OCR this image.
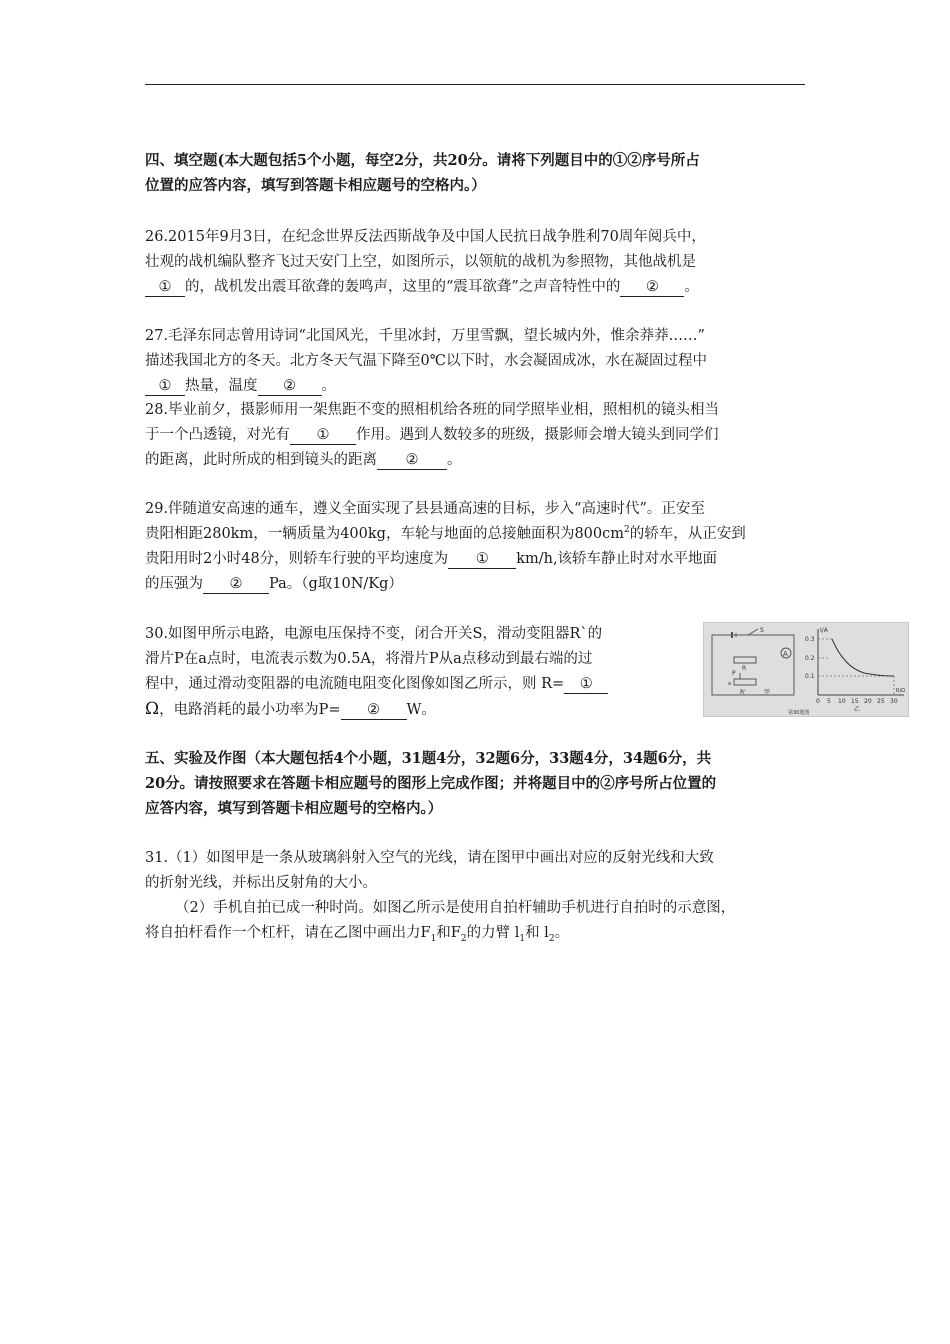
四、填空题(本大题包括5个小题，每空2分，共20分。请将下列题目中的①②序号所占
位置的应答内容，填写到答题卡相应题号的空格内。）
26.2015年9月3日，在纪念世界反法西斯战争及中国人民抗日战争胜利70周年阅兵中，
壮观的战机编队整齐飞过天安门上空，如图所示，以领航的战机为参照物，其他战机是
① 的，战机发出震耳欲聋的轰鸣声，这里的“震耳欲聋”之声音特性中的 ② 。
27.毛泽东同志曾用诗词“北国风光，千里冰封，万里雪飘，望长城内外，惟余莽莽……”
描述我国北方的冬天。北方冬天气温下降至0℃以下时，水会凝固成冰，水在凝固过程中
① 热量，温度 ② 。
28.毕业前夕，摄影师用一架焦距不变的照相机给各班的同学照毕业相，照相机的镜头相当
于一个凸透镜，对光有 ① 作用。遇到人数较多的班级，摄影师会增大镜头到同学们
的距离，此时所成的相到镜头的距离 ② 。
29.伴随道安高速的通车，遵义全面实现了县县通高速的目标，步入“高速时代”。正安至
贵阳相距280km，一辆质量为400kg，车轮与地面的总接触面积为$800cm^2$的轿车，从正安到
贵阳用时2小时48分，则轿车行驶的平均速度为 ① km/h,该轿车静止时对水平地面
的压强为 ② Pa。（g取10N/Kg）
30.如图甲所示电路，电源电压保持不变，闭合开关S，滑动变阻器R`的
滑片P在a点时，电流表示数为0.5A，将滑片P从a点移动到最右端的过
程中，通过滑动变阻器的电流随电阻变化图像如图乙所示，则 R= ①
Ω，电路消耗的最小功率为P= ② W。
A
S
R
P
a
R'	甲
I/A
0.3
0.2
0.1
0 5 10 15 20 25 30
R/Ω
乙
第30题图
五、实验及作图（本大题包括4个小题，31题4分，32题6分，33题4分，34题6分，共
20分。请按照要求在答题卡相应题号的图形上完成作图；并将题目中的②序号所占位置的
应答内容，填写到答题卡相应题号的空格内。）
31.（1）如图甲是一条从玻璃斜射入空气的光线，请在图甲中画出对应的反射光线和大致
的折射光线，并标出反射角的大小。
（2）手机自拍已成一种时尚。如图乙所示是使用自拍杆辅助手机进行自拍时的示意图，
将自拍杆看作一个杠杆，请在乙图中画出力$F_1$和$F_2$的力臂 $l_1$和 $l_2$。
